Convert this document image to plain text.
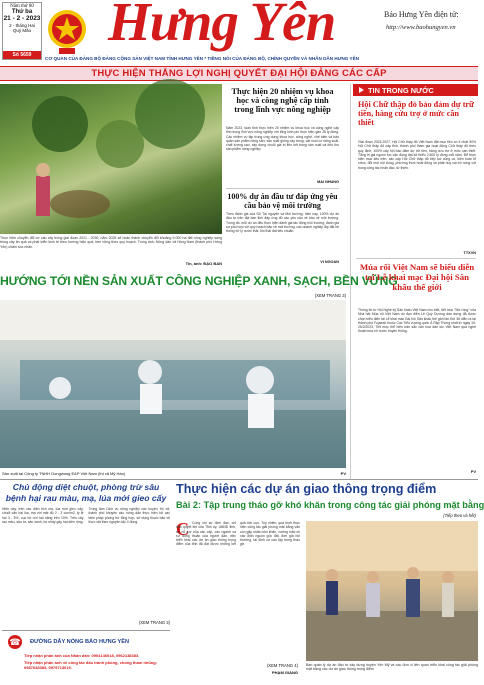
Năm thứ 80
Thứ ba
21 - 2 - 2023
2 - tháng Hai
Quý Mão
Số 5659
Hưng Yên	Báo Hưng Yên điện tử:
http://www.baohungyen.vn
CƠ QUAN CỦA ĐẢNG BỘ ĐẢNG CỘNG SẢN VIỆT NAM TỈNH HƯNG YÊN * TIẾNG NÓI CỦA ĐẢNG BỘ, CHÍNH QUYỀN VÀ NHÂN DÂN HƯNG YÊN
THỰC HIỆN THẮNG LỢI NGHỊ QUYẾT ĐẠI HỘI ĐẢNG CÁC CẤP
Thực hiện chuyển đổi cơ cấu cây trồng giai đoạn 2021 - 2030, năm 2025 sẽ hoàn thành chuyển đổi khoảng 9.000 ha đất nông nghiệp sang trồng cây ăn quả và phát triển kinh tế theo hướng hiệu quả, bền vững theo quy hoạch. Trong ảnh: Nông dân xã Hồng Nam (thành phố Hưng Yên) chăm sóc nhãn.
Tin, ảnh: ĐẠO BAN
Thực hiện 20 nhiệm vụ khoa học và công nghệ cấp tỉnh trong lĩnh vực nông nghiệp
Năm 2023, toàn tỉnh thực hiện 20 nhiệm vụ khoa học và công nghệ cấp tỉnh trong lĩnh vực nông nghiệp với tổng kinh phí thực hiện gần 28 tỷ đồng. Các nhiệm vụ tập trung ứng dụng khoa học, công nghệ, chế biến và bảo quản sản phẩm nông sản; sản xuất giống cây trồng, vật nuôi có năng suất, chất lượng cao; xây dựng chuỗi giá trị liên kết trong sản xuất và tiêu thụ sản phẩm nông nghiệp.
MAI NHUNG
100% dự án đầu tư đáp ứng yêu cầu bảo vệ môi trường
Theo đánh giá của Sở Tài nguyên và Môi trường, hiện nay, 100% dự án đầu tư trên địa bàn tỉnh đáp ứng đủ các yêu cầu về bảo vệ môi trường. Trong đó, mỗi dự án đều thực hiện đánh giá tác động môi trường, đánh giá sự phù hợp với quy hoạch bảo vệ môi trường; các doanh nghiệp lắp đặt hệ thống xử lý nước thải, khí thải đạt tiêu chuẩn.
VI NGOAN
HƯỚNG TỚI NỀN SẢN XUẤT CÔNG NGHIỆP XANH, SẠCH, BỀN VỮNG
(XEM TRANG 3)
Sản xuất tại Công ty TNHH Dongwong E&P Việt Nam (thị xã Mỹ Hào)	PV
TIN TRONG NƯỚC
Hội Chữ thập đỏ bảo đảm dự trữ tiền, hàng cứu trợ ở mức cần thiết
Giai đoạn 2023-2027, Hội Chữ thập đỏ Việt Nam đặt mục tiêu có ít nhất 50% Hội Chữ thập đỏ cấp tỉnh, thành phố tham gia hoạt động Chữ thập đỏ theo quy định; 100% cấp hội bảo đảm dự trữ tiền, hàng cứu trợ ở mức cần thiết. Tổng trị giá nguồn lực vận động đạt tối thiểu 2.500 tỷ đồng mỗi năm. Để thực hiện mục tiêu trên, các cấp Hội Chữ thập đỏ tiếp tục củng cố, kiện toàn tổ chức, đổi mới nội dung, phương thức hoạt động và phát huy vai trò nòng cốt trong công tác nhân đạo, từ thiện.
TTXVN
Múa rối Việt Nam sẽ biểu diễn tại Lễ khai mạc Đại hội Sân khấu thế giới
Thông tin từ Hội Nghệ sỹ Sân khấu Việt Nam cho biết, tiết mục "Mơ rồng" của Nhà hát Múa rối Việt Nam do đạo diễn Lê Quý Dương dàn dựng đã được chọn biểu diễn tại Lễ khai mạc Đại hội Sân khấu thế giới lần thứ 36 diễn ra tại thành phố Fujairah thuộc Các Tiểu vương quốc Ả Rập Thống nhất từ ngày 19-25/2/2023. Tiết mục thể hiện bản sắc văn hóa dân tộc Việt Nam qua nghệ thuật múa rối nước truyền thống.
PV
Chủ động diệt chuột, phòng trừ sâu bệnh hại rau màu, mạ, lúa mới gieo cấy
Hiện nay, trên các diện tích mạ, lúa mới gieo cấy, chuột cắn hại lúa, mạ với mật độ 2 - 3 con/m2, tỷ lệ hại 3 - 5%, cục bộ nơi hại nặng trên 10%. Trên cây rau màu, sâu tơ, sâu xanh, bọ nhảy gây hại diện rộng. Trung tâm Dịch vụ nông nghiệp các huyện, thị xã, thành phố khuyến cáo nông dân thực hiện tốt các biện pháp phòng trừ tổng hợp, sử dụng thuốc bảo vệ thực vật theo nguyên tắc 4 đúng.
(XEM TRANG 3)
☎ ĐƯỜNG DÂY NÓNG BÁO HƯNG YÊN
Tiếp nhận phản ánh của Nhân dân: 0904146018, 0962138383.
Tiếp nhận phản ánh về công tác đấu tranh phòng, chống tham nhũng: 0987648383, 0979713019.
Thực hiện các dự án giao thông trọng điểm
Bài 2: Tập trung tháo gỡ khó khăn trong công tác giải phóng mặt bằng
(Tiếp theo và hết)
C Cùng với sự định đạo, chỉ đạo quyết liệt của Tỉnh ủy, UBND tỉnh, sự nỗ lực của các cấp, các ngành và sự đồng thuận của người dân, việc triển khai các dự án giao thông trọng điểm của tỉnh đã đạt được những kết quả tích cực. Tuy nhiên, quá trình thực hiện công tác giải phóng mặt bằng vẫn còn gặp nhiều khó khăn, vướng mắc về xác định nguồn gốc đất, đơn giá bồi thường, tái định cư cần tập trung tháo gỡ.
(XEM TRANG 4)
PHẠM GIANG
Ban quản lý dự án đầu tư xây dựng huyện Yên Mỹ và các đơn vị liên quan triển khai công tác giải phóng mặt bằng các dự án giao thông trọng điểm
